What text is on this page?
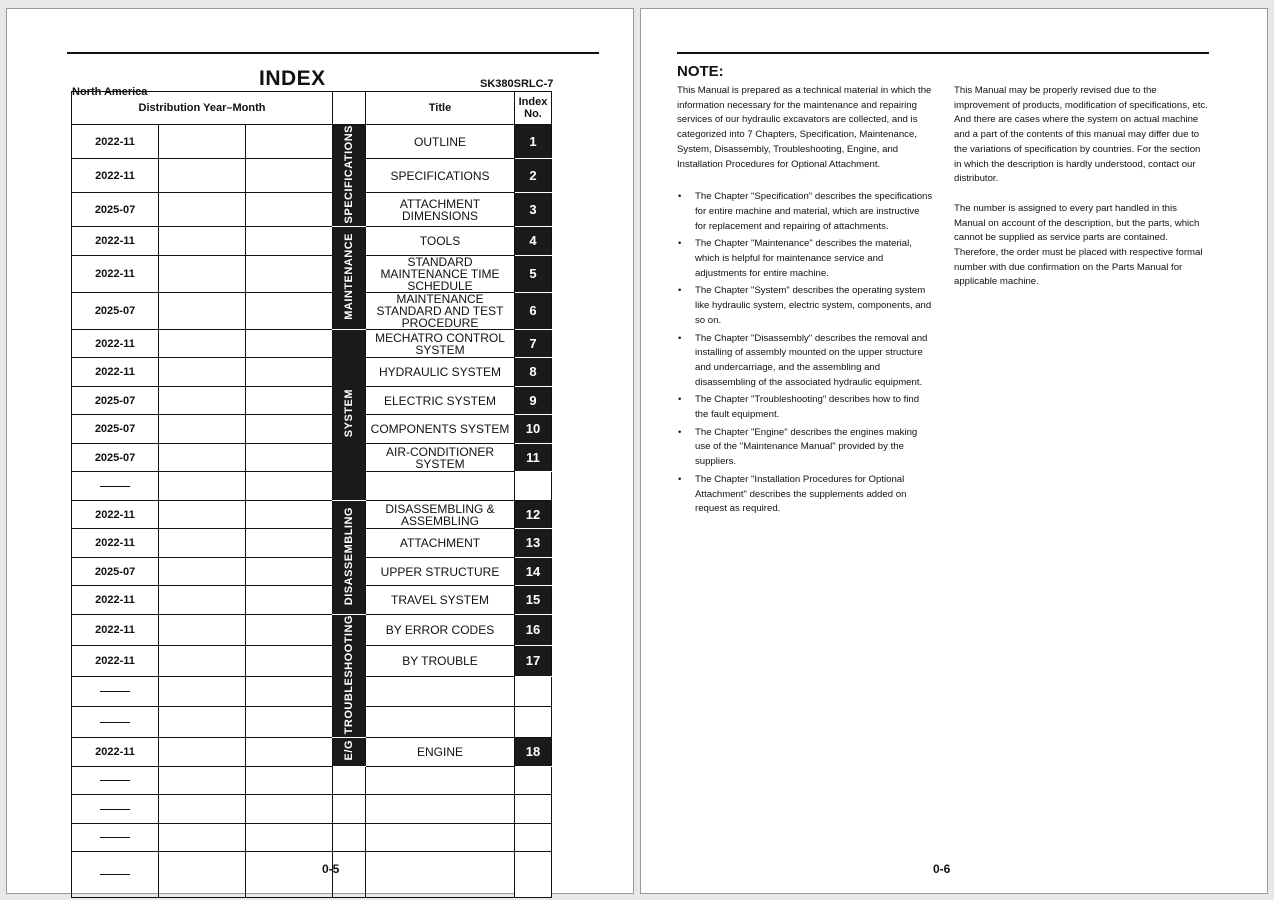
North America
INDEX	SK380SRLC-7
Distribution Year–Month				Title	Index No.
2022-11			SPECIFICATIONS	OUTLINE	1
2022-11				SPECIFICATIONS	2
2025-07				ATTACHMENT DIMENSIONS	3
2022-11			MAINTENANCE	TOOLS	4
2022-11				STANDARD MAINTENANCE TIME SCHEDULE	5
2025-07				MAINTENANCE STANDARD AND TEST PROCEDURE	6
2022-11			SYSTEM	MECHATRO CONTROL SYSTEM	7
2022-11				HYDRAULIC SYSTEM	8
2025-07				ELECTRIC SYSTEM	9
2025-07				COMPONENTS SYSTEM	10
2025-07				AIR-CONDITIONER SYSTEM	11

2022-11			DISASSEMBLING	DISASSEMBLING & ASSEMBLING	12
2022-11				ATTACHMENT	13
2025-07				UPPER STRUCTURE	14
2022-11				TRAVEL SYSTEM	15
2022-11			TROUBLESHOOTING	BY ERROR CODES	16
2022-11				BY TROUBLE	17

2022-11			E/G	ENGINE	18

0-5
NOTE:

This Manual is prepared as a technical material in which the information necessary for the maintenance and repairing services of our hydraulic excavators are collected, and is categorized into 7 Chapters, Specification, Maintenance, System, Disassembly, Troubleshooting, Engine, and Installation Procedures for Optional Attachment.

• The Chapter "Specification" describes the specifications for entire machine and material, which are instructive for replacement and repairing of attachments.
• The Chapter "Maintenance" describes the material, which is helpful for maintenance service and adjustments for entire machine.
• The Chapter "System" describes the operating system like hydraulic system, electric system, components, and so on.
• The Chapter "Disassembly" describes the removal and installing of assembly mounted on the upper structure and undercarriage, and the assembling and disassembling of the associated hydraulic equipment.
• The Chapter "Troubleshooting" describes how to find the fault equipment.
• The Chapter "Engine" describes the engines making use of the "Maintenance Manual" provided by the suppliers.
• The Chapter "Installation Procedures for Optional Attachment" describes the supplements added on request as required.

This Manual may be properly revised due to the improvement of products, modification of specifications, etc. And there are cases where the system on actual machine and a part of the contents of this manual may differ due to the variations of specification by countries. For the section in which the description is hardly understood, contact our distributor.

The number is assigned to every part handled in this Manual on account of the description, but the parts, which cannot be supplied as service parts are contained. Therefore, the order must be placed with respective formal number with due confirmation on the Parts Manual for applicable machine.

0-6
